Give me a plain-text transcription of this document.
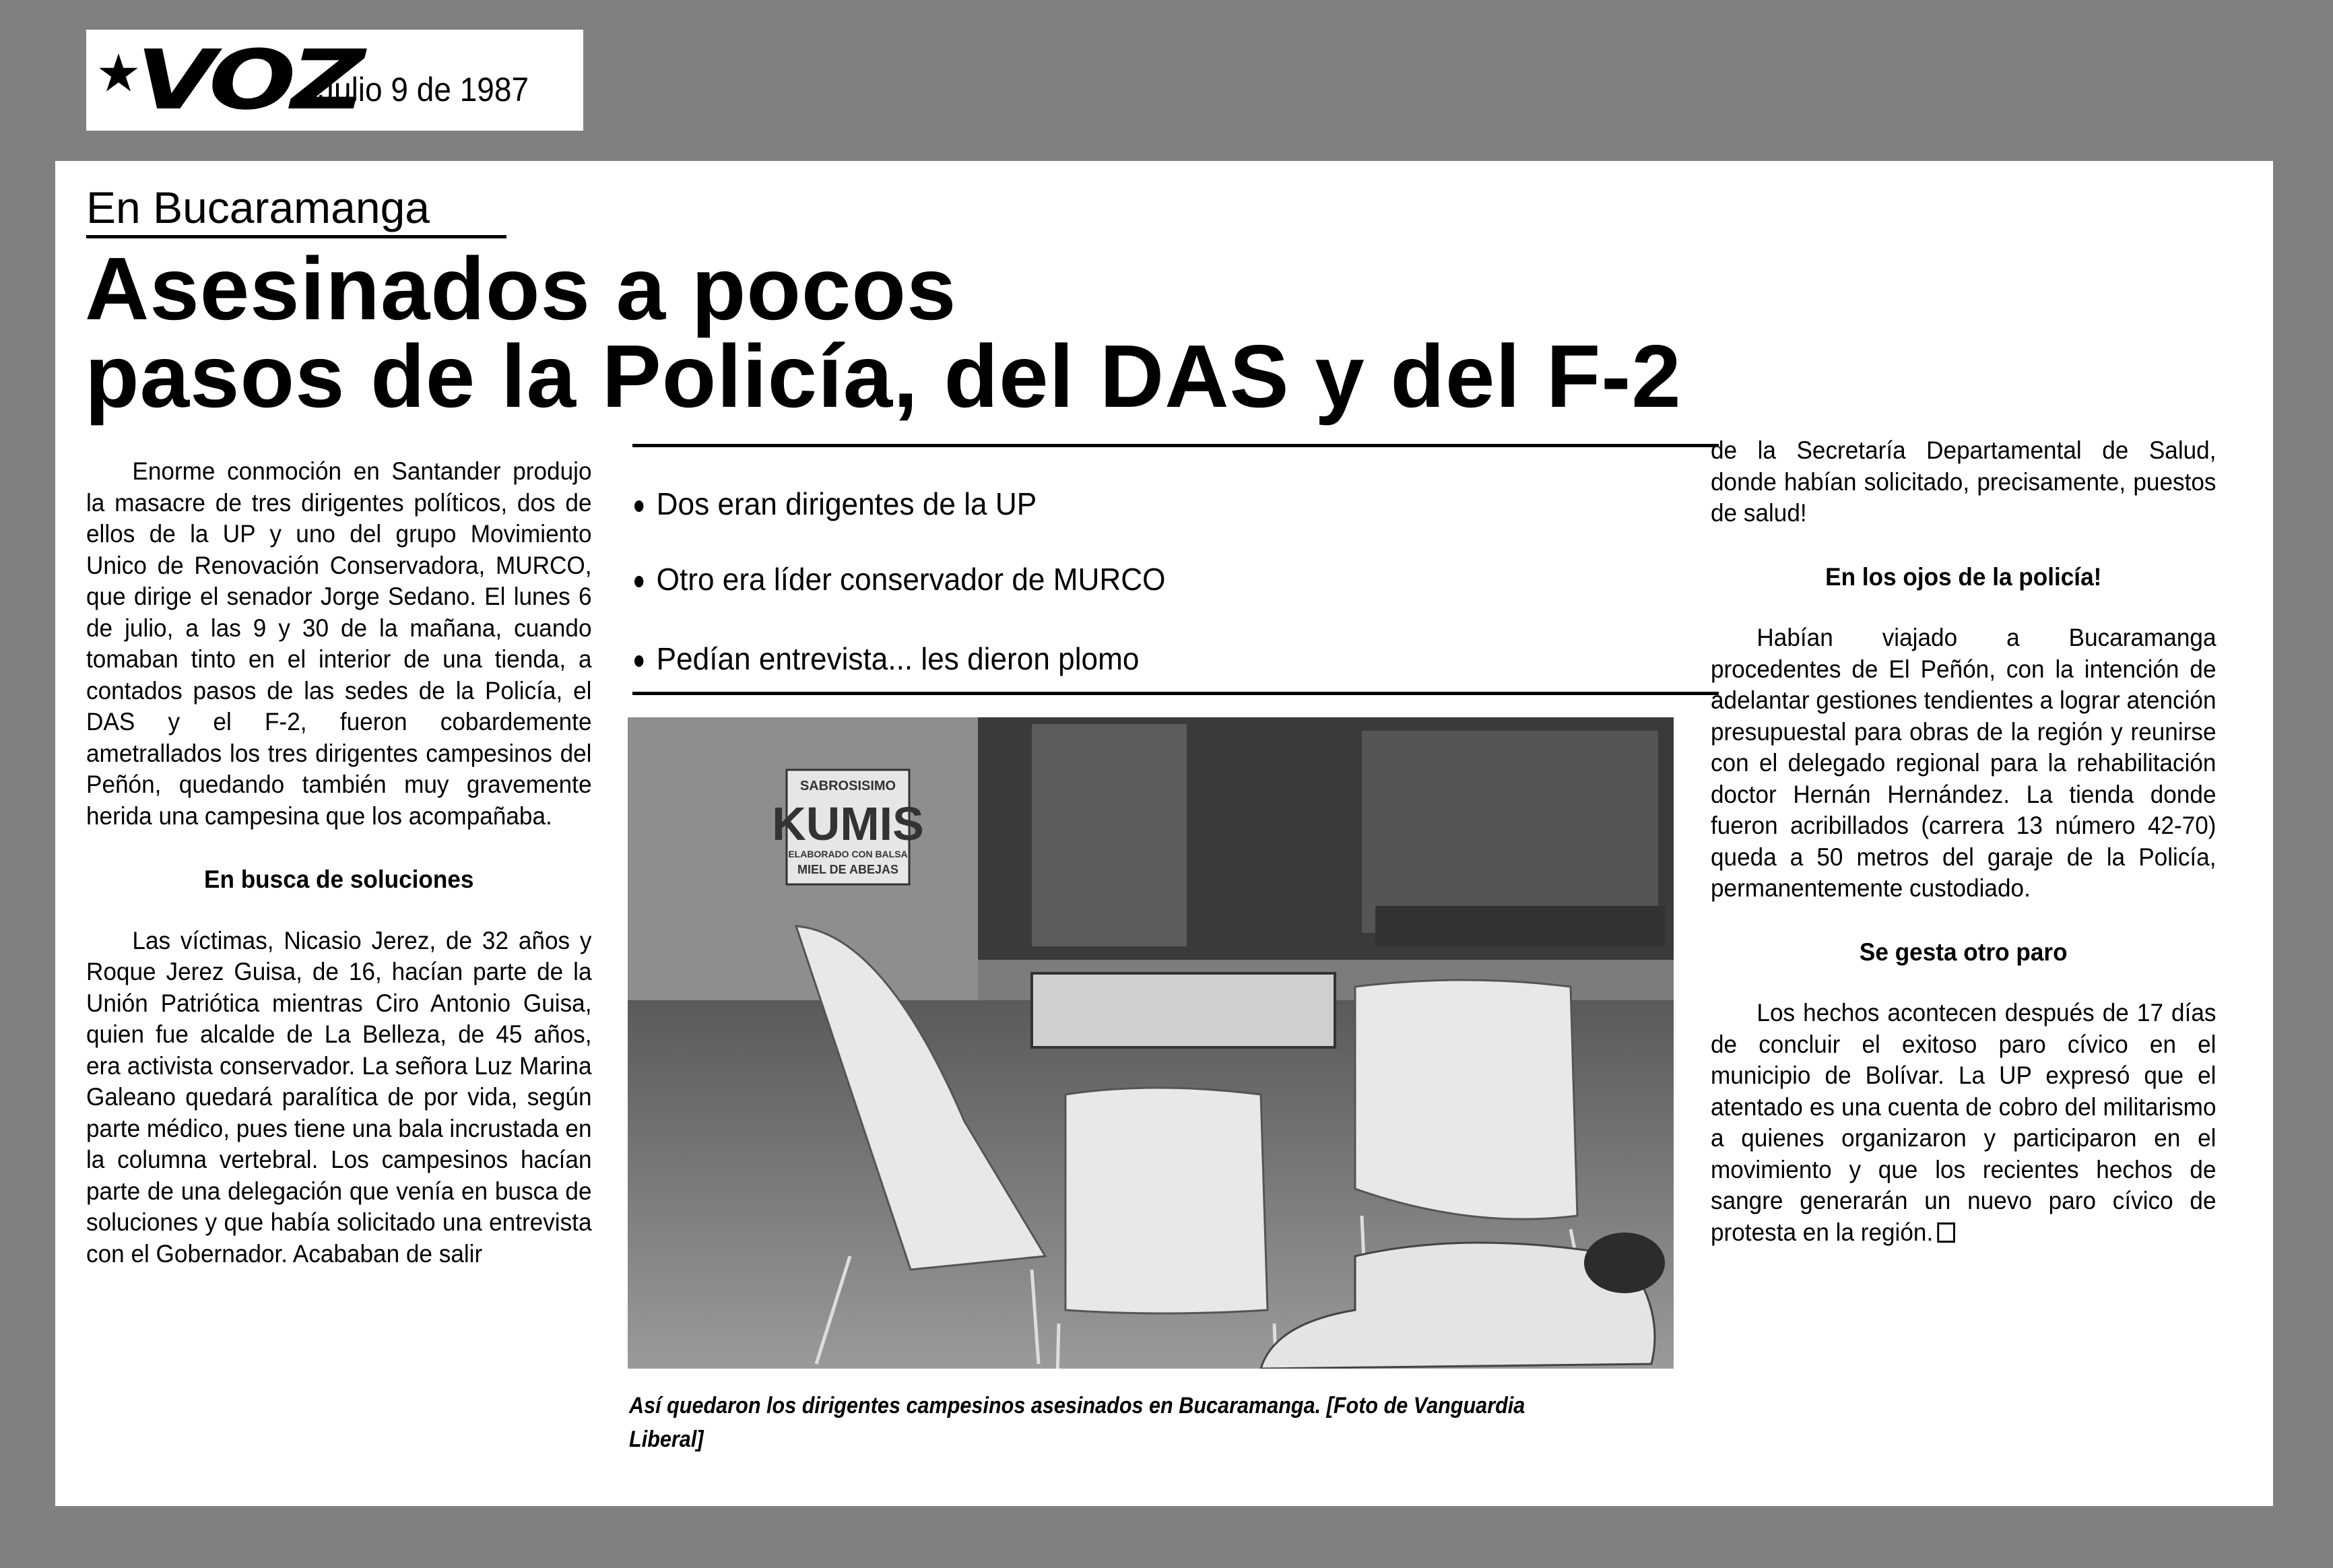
VOZ
Julio 9 de 1987
En Bucaramanga
Asesinados a pocos
pasos de la Policía, del DAS y del F-2

Enorme conmoción en Santander produjo la masacre de tres dirigentes políticos, dos de ellos de la UP y uno del grupo Movimiento Unico de Renovación Conservadora, MURCO, que dirige el senador Jorge Sedano. El lunes 6 de julio, a las 9 y 30 de la mañana, cuando tomaban tinto en el interior de una tienda, a contados pasos de las sedes de la Policía, el DAS y el F-2, fueron cobardemente ametrallados los tres dirigentes campesinos del Peñón, quedando también muy gravemente herida una campesina que los acompañaba.

En busca de soluciones

Las víctimas, Nicasio Jerez, de 32 años y Roque Jerez Guisa, de 16, hacían parte de la Unión Patriótica mientras Ciro Antonio Guisa, quien fue alcalde de La Belleza, de 45 años, era activista conservador. La señora Luz Marina Galeano quedará paralítica de por vida, según parte médico, pues tiene una bala incrustada en la columna vertebral. Los campesinos hacían parte de una delegación que venía en busca de soluciones y que había solicitado una entrevista con el Gobernador. Acababan de salir

Dos eran dirigentes de la UP
Otro era líder conservador de MURCO
Pedían entrevista... les dieron plomo
SABROSISIMO
KUMIS
ELABORADO CON BALSA
MIEL DE ABEJAS
Así quedaron los dirigentes campesinos asesinados en Bucaramanga. [Foto de Vanguardia Liberal]

de la Secretaría Departamental de Salud, donde habían solicitado, precisamente, puestos de salud!

En los ojos de la policía!

Habían viajado a Bucaramanga procedentes de El Peñón, con la intención de adelantar gestiones tendientes a lograr atención presupuestal para obras de la región y reunirse con el delegado regional para la rehabilitación doctor Hernán Hernández. La tienda donde fueron acribillados (carrera 13 número 42-70) queda a 50 metros del garaje de la Policía, permanentemente custodiado.

Se gesta otro paro

Los hechos acontecen después de 17 días de concluir el exitoso paro cívico en el municipio de Bolívar. La UP expresó que el atentado es una cuenta de cobro del militarismo a quienes organizaron y participaron en el movimiento y que los recientes hechos de sangre generarán un nuevo paro cívico de protesta en la región.
